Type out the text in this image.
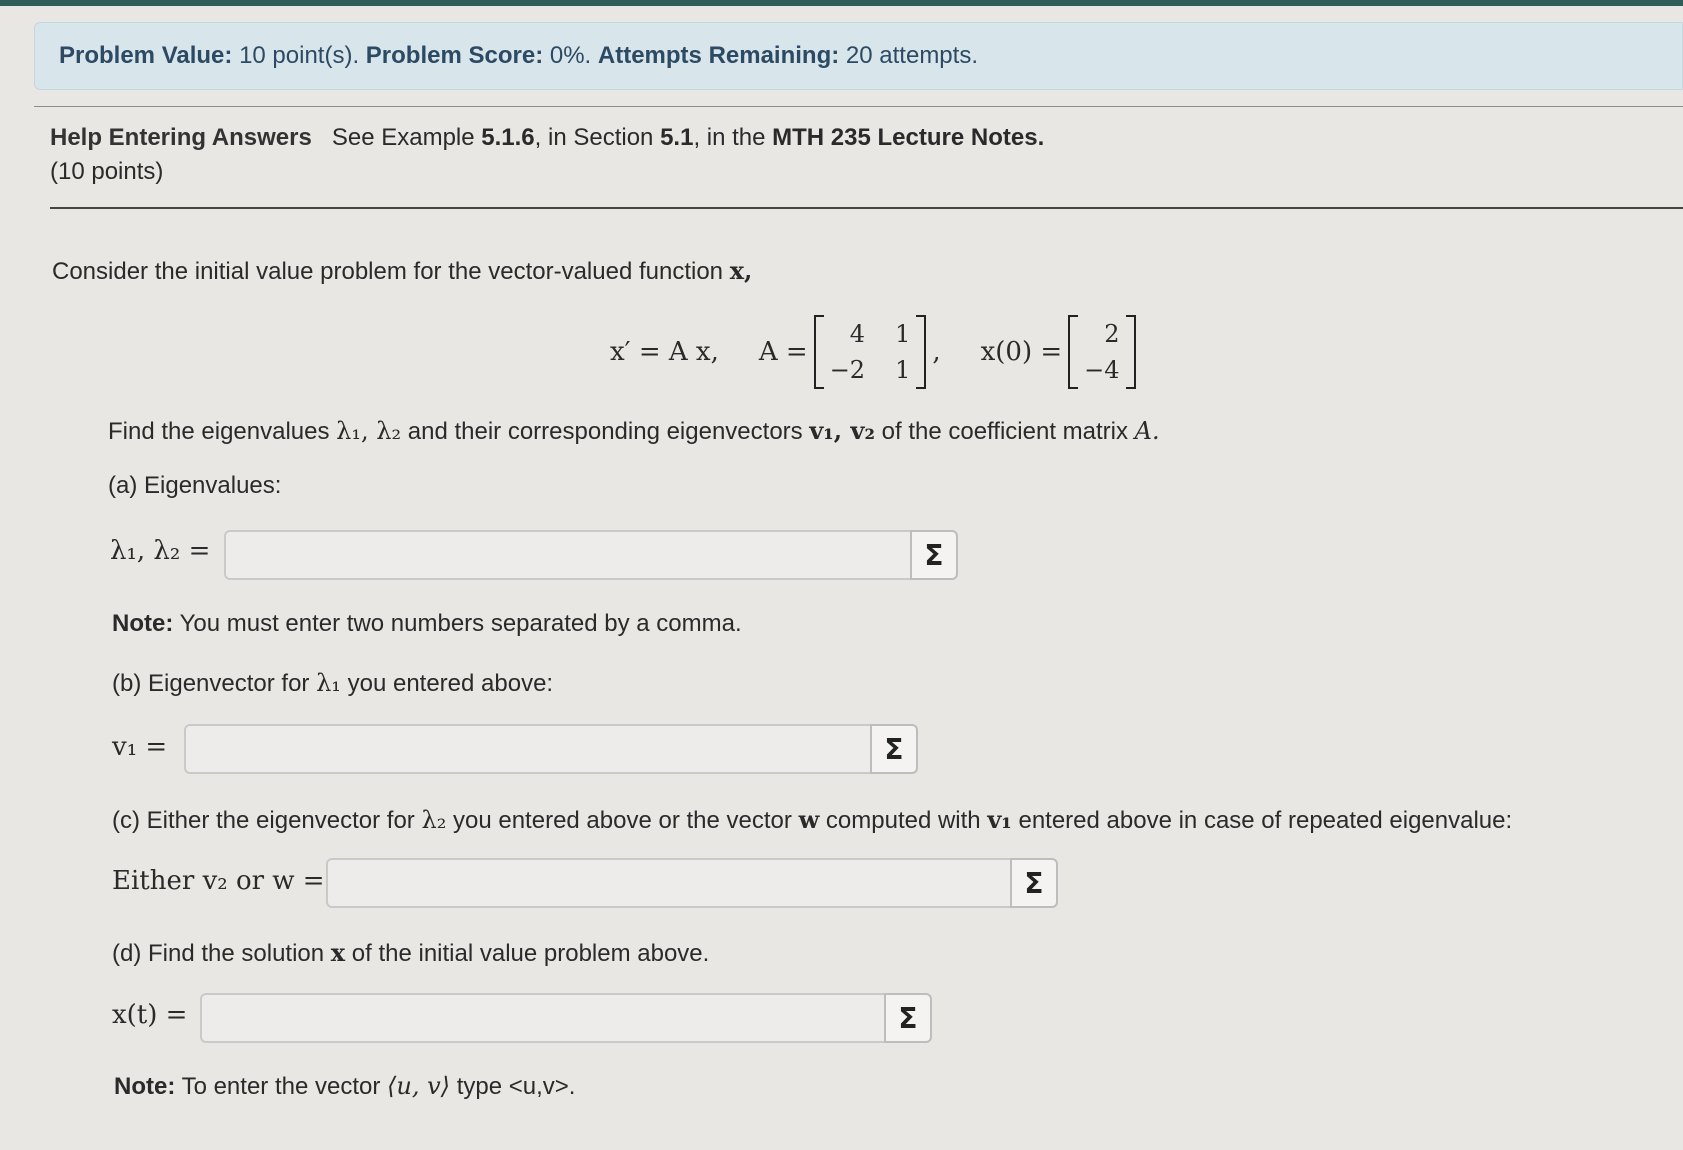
Problem Value:
10 point(s).
Problem Score:
0%.
Attempts Remaining:
20 attempts.
Help Entering Answers See Example 5.1.6, in Section 5.1, in the MTH 235 Lecture Notes.
(10 points)
Consider the initial value problem for the vector-valued function x,
x′ = A x, A =
4 1
−2 1
, x(0) =
2
−4
Find the eigenvalues λ₁, λ₂ and their corresponding eigenvectors v₁, v₂ of the coefficient matrix A.
(a) Eigenvalues:
λ₁, λ₂ =	Σ
Note: You must enter two numbers separated by a comma.
(b) Eigenvector for λ₁ you entered above:
v₁ =	Σ
(c) Either the eigenvector for λ₂ you entered above or the vector w computed with v₁ entered above in case of repeated eigenvalue:
Either v₂ or w =	Σ
(d) Find the solution x of the initial value problem above.
x(t) =	Σ
Note: To enter the vector ⟨u, v⟩ type <u,v>.
